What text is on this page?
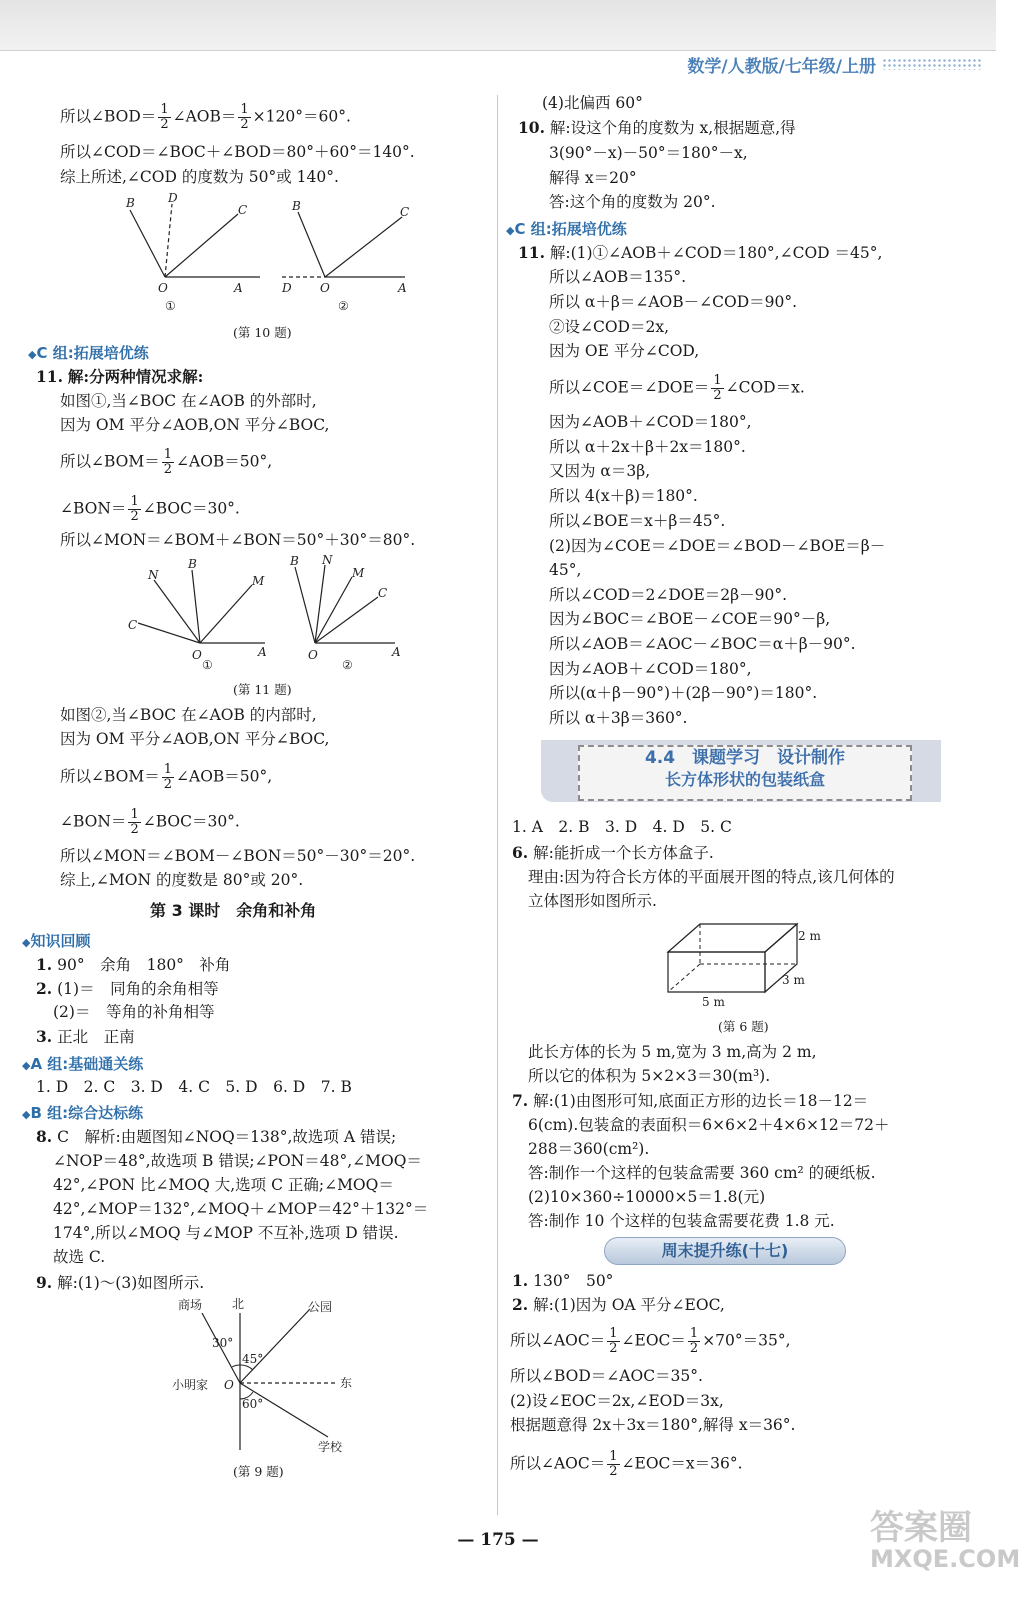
数学/人教版/七年级/上册
所以∠BOD＝ $\frac{1}{2}$ ∠AOB＝ $\frac{1}{2} \times 120^\circ=60^\circ$.
所以∠COD＝∠BOC＋∠BOD＝80°＋60°＝140°.
综上所述,∠COD 的度数为 50°或 140°.
B	D
C
O	A
①
B	C
D O	A
②
(第 10 题)
◆C 组:拓展培优练
11. 解:分两种情况求解:
如图①,当∠BOC 在∠AOB 的外部时,
因为 OM 平分∠AOB,ON 平分∠BOC,
所以∠BOM＝ $\frac{1}{2}$ ∠AOB＝50°,
∠BON＝ $\frac{1}{2}$ ∠BOC＝30°.
所以∠MON＝∠BOM＋∠BON＝50°＋30°＝80°.
B
M
N
C
O	A
①
B N
M
C
O	A
②
(第 11 题)
如图②,当∠BOC 在∠AOB 的内部时,
因为 OM 平分∠AOB,ON 平分∠BOC,
所以∠BOM＝ $\frac{1}{2}$ ∠AOB＝50°,
∠BON＝ $\frac{1}{2}$ ∠BOC＝30°.
所以∠MON＝∠BOM－∠BON＝50°－30°＝20°.
综上,∠MON 的度数是 80°或 20°.
第 3 课时　余角和补角
◆知识回顾
1. 90°　余角　180°　补角
2. (1)＝　同角的余角相等
(2)＝　等角的补角相等
3. 正北　正南
◆A 组:基础通关练
1. D　2. C　3. D　4. C　5. D　6. D　7. B
◆B 组:综合达标练
8. C　解析:由题图知∠NOQ＝138°,故选项 A 错误;
∠NOP＝48°,故选项 B 错误;∠PON＝48°,∠MOQ＝
42°,∠PON 比∠MOQ 大,选项 C 正确;∠MOQ＝
42°,∠MOP＝132°,∠MOQ＋∠MOP＝42°＋132°＝
174°,所以∠MOQ 与∠MOP 不互补,选项 D 错误.
故选 C.
9. 解:(1)～(3)如图所示.
商场 北	公园
东
小明家 O
学校
30°
45°
60°
(第 9 题)
(4)北偏西 60°
10. 解:设这个角的度数为 x,根据题意,得
3(90°－x)－50°＝180°－x,
解得 x＝20°
答:这个角的度数为 20°.
◆C 组:拓展培优练
11. 解:(1)①∠AOB＋∠COD＝180°,∠COD ＝45°,
所以∠AOB＝135°.
所以 α＋β＝∠AOB－∠COD＝90°.
②设∠COD＝2x,
因为 OE 平分∠COD,
所以∠COE＝∠DOE＝ $\frac{1}{2}$ ∠COD＝x.
因为∠AOB＋∠COD＝180°,
所以 α＋2x＋β＋2x＝180°.
又因为 α＝3β,
所以 4(x＋β)＝180°.
所以∠BOE＝x＋β＝45°.
(2)因为∠COE＝∠DOE＝∠BOD－∠BOE＝β－
45°,
所以∠COD＝2∠DOE＝2β－90°.
因为∠BOC＝∠BOE－∠COE＝90°－β,
所以∠AOB＝∠AOC－∠BOC＝α＋β－90°.
因为∠AOB＋∠COD＝180°,
所以(α＋β－90°)＋(2β－90°)＝180°.
所以 α＋3β＝360°.
4.4　课题学习　设计制作
长方体形状的包装纸盒
1. A　2. B　3. D　4. D　5. C
6. 解:能折成一个长方体盒子.
理由:因为符合长方体的平面展开图的特点,该几何体的
立体图形如图所示.
2 m
3 m
5 m
(第 6 题)
此长方体的长为 5 m,宽为 3 m,高为 2 m,
所以它的体积为 5×2×3＝30(m³).
7. 解:(1)由图形可知,底面正方形的边长＝18－12＝
6(cm).包装盒的表面积＝6×6×2＋4×6×12＝72＋
288＝360(cm²).
答:制作一个这样的包装盒需要 360 cm² 的硬纸板.
(2)10×360÷10000×5＝1.8(元)
答:制作 10 个这样的包装盒需要花费 1.8 元.
周末提升练(十七)
1. 130°　50°
2. 解:(1)因为 OA 平分∠EOC,
所以∠AOC＝ $\frac{1}{2}$ ∠EOC＝ $\frac{1}{2} \times 70^\circ=35^\circ$,
所以∠BOD＝∠AOC＝35°.
(2)设∠EOC＝2x,∠EOD＝3x,
根据题意得 2x＋3x＝180°,解得 x＝36°.
所以∠AOC＝ $\frac{1}{2}$ ∠EOC＝x＝36°.
— 175 —	答案圈
MXQE.COM
